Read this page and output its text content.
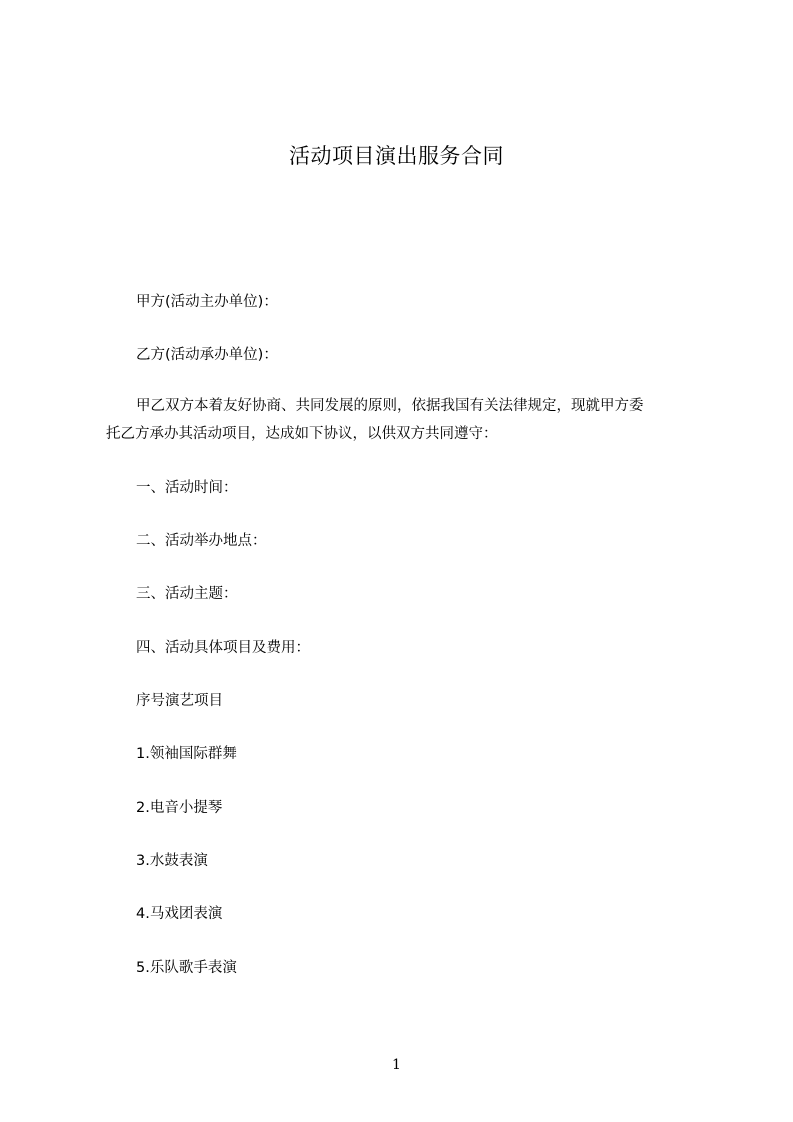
活动项目演出服务合同
甲方(活动主办单位)：
乙方(活动承办单位)：
甲乙双方本着友好协商、共同发展的原则，依据我国有关法律规定，现就甲方委
托乙方承办其活动项目，达成如下协议，以供双方共同遵守：
一、活动时间：
二、活动举办地点：
三、活动主题：
四、活动具体项目及费用：
序号演艺项目
1.领袖国际群舞
2.电音小提琴
3.水鼓表演
4.马戏团表演
5.乐队歌手表演
1
